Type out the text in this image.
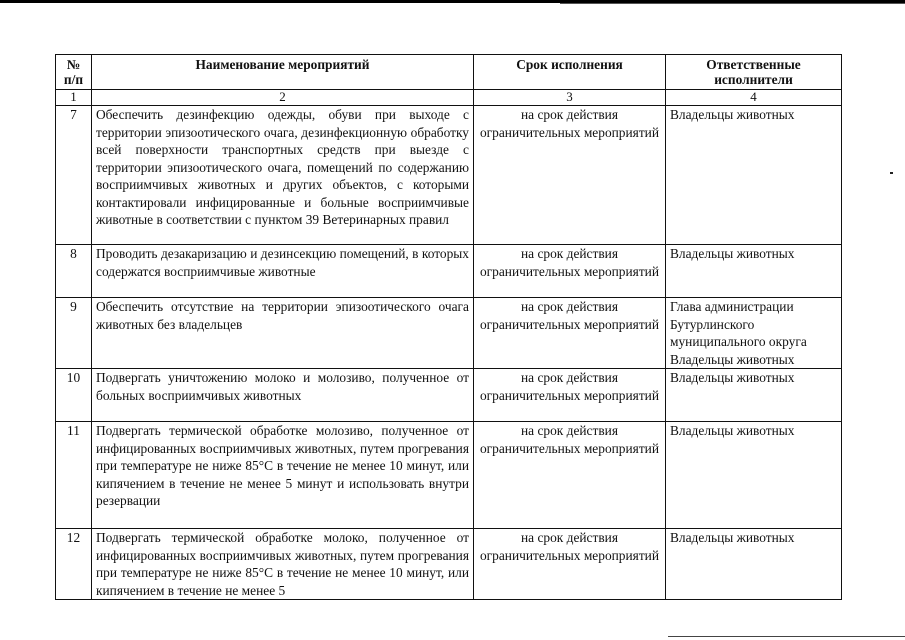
№ п/п	Наименование мероприятий	Срок исполнения	Ответственные исполнители
1	2	3	4
7	Обеспечить дезинфекцию одежды, обуви при выходе с территории эпизоотического очага, дезинфекционную обработку всей поверхности транспортных средств при выезде с территории эпизоотического очага, помещений по содержанию восприимчивых животных и других объектов, с которыми контактировали инфицированные и больные восприимчивые животные в соответствии с пунктом 39 Ветеринарных правил	на срок действия ограничительных мероприятий	Владельцы животных
8	Проводить дезакаризацию и дезинсекцию помещений, в которых содержатся восприимчивые животные	на срок действия ограничительных мероприятий	Владельцы животных
9	Обеспечить отсутствие на территории эпизоотического очага животных без владельцев	на срок действия ограничительных мероприятий	Глава администрации Бутурлинского муниципального округа Владельцы животных
10	Подвергать уничтожению молоко и молозиво, полученное от больных восприимчивых животных	на срок действия ограничительных мероприятий	Владельцы животных
11	Подвергать термической обработке молозиво, полученное от инфицированных восприимчивых животных, путем прогревания при температуре не ниже 85°С в течение не менее 10 минут, или кипячением в течение не менее 5 минут и использовать внутри резервации	на срок действия ограничительных мероприятий	Владельцы животных
12	Подвергать термической обработке молоко, полученное от инфицированных восприимчивых животных, путем прогревания при температуре не ниже 85°С в течение не менее 10 минут, или кипячением в течение не менее 5	на срок действия ограничительных мероприятий	Владельцы животных
